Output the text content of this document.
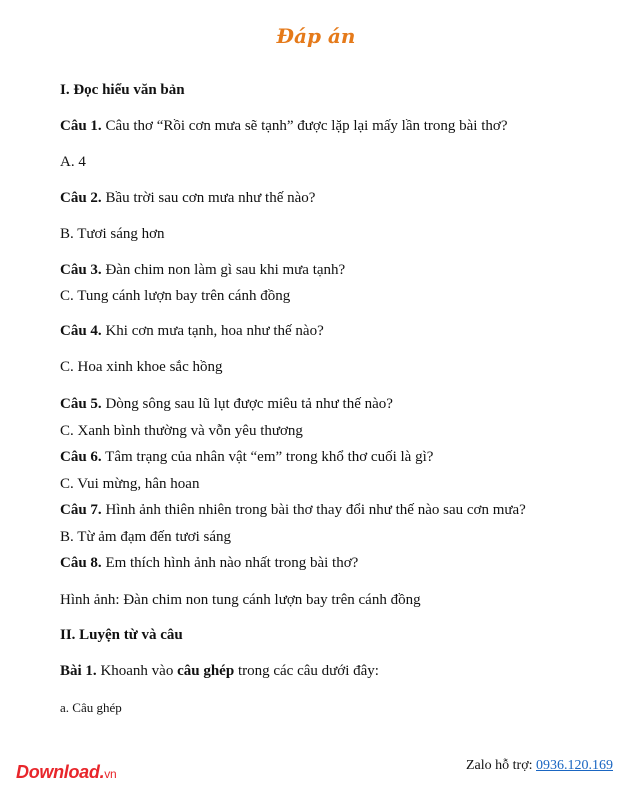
Đáp án
I. Đọc hiểu văn bản
Câu 1. Câu thơ “Rồi cơn mưa sẽ tạnh” được lặp lại mấy lần trong bài thơ?
A. 4
Câu 2. Bầu trời sau cơn mưa như thế nào?
B. Tươi sáng hơn
Câu 3. Đàn chim non làm gì sau khi mưa tạnh?
C. Tung cánh lượn bay trên cánh đồng
Câu 4. Khi cơn mưa tạnh, hoa như thế nào?
C. Hoa xinh khoe sắc hồng
Câu 5. Dòng sông sau lũ lụt được miêu tả như thế nào?
C. Xanh bình thường và vỗn yêu thương
Câu 6. Tâm trạng của nhân vật “em” trong khổ thơ cuối là gì?
C. Vui mừng, hân hoan
Câu 7. Hình ảnh thiên nhiên trong bài thơ thay đổi như thế nào sau cơn mưa?
B. Từ ảm đạm đến tươi sáng
Câu 8. Em thích hình ảnh nào nhất trong bài thơ?
Hình ảnh: Đàn chim non tung cánh lượn bay trên cánh đồng
II. Luyện từ và câu
Bài 1. Khoanh vào câu ghép trong các câu dưới đây:
a. Câu ghép
Download.vn
Zalo hỗ trợ: 0936.120.169
